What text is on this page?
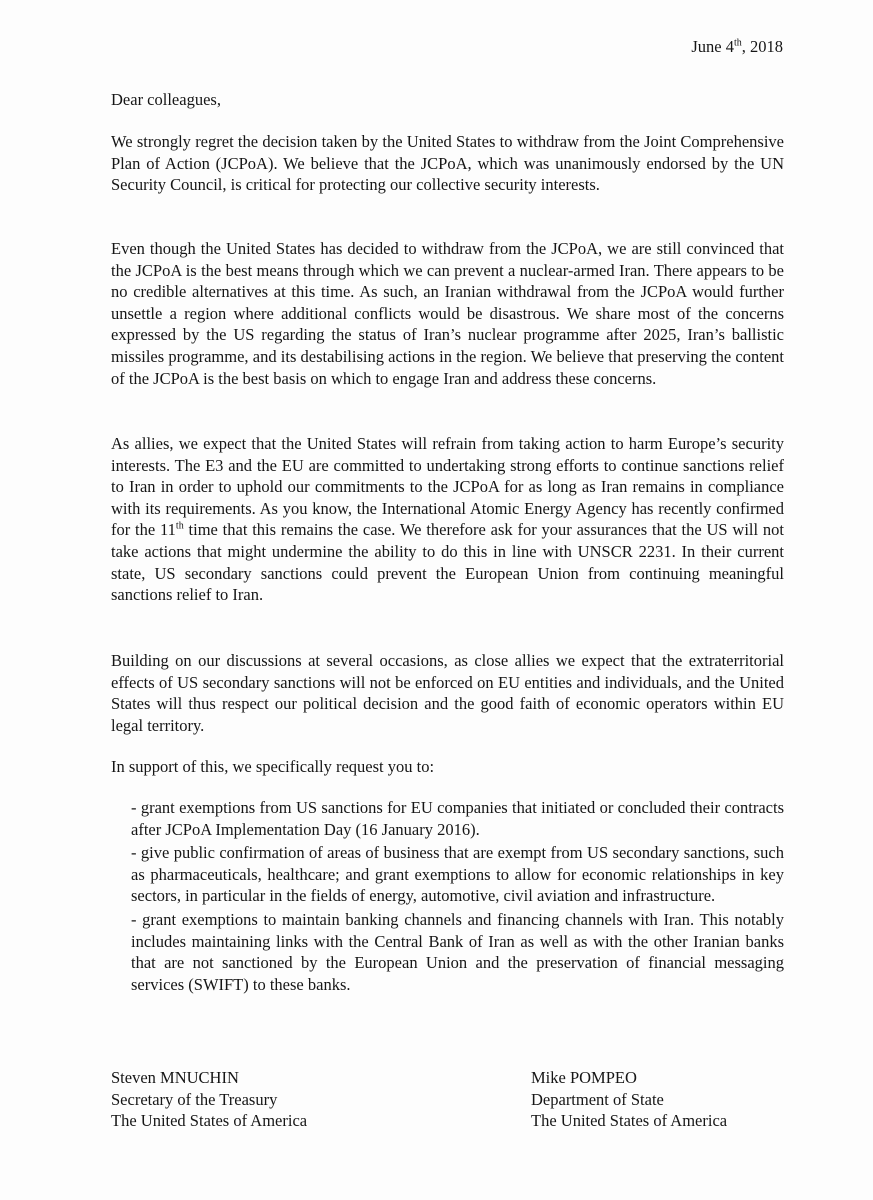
June 4th, 2018
Dear colleagues,

We strongly regret the decision taken by the United States to withdraw from the Joint Comprehensive Plan of Action (JCPoA). We believe that the JCPoA, which was unanimously endorsed by the UN Security Council, is critical for protecting our collective security interests.

Even though the United States has decided to withdraw from the JCPoA, we are still convinced that the JCPoA is the best means through which we can prevent a nuclear-armed Iran. There appears to be no credible alternatives at this time. As such, an Iranian withdrawal from the JCPoA would further unsettle a region where additional conflicts would be disastrous. We share most of the concerns expressed by the US regarding the status of Iran’s nuclear programme after 2025, Iran’s ballistic missiles programme, and its destabilising actions in the region. We believe that preserving the content of the JCPoA is the best basis on which to engage Iran and address these concerns.

As allies, we expect that the United States will refrain from taking action to harm Europe’s security interests. The E3 and the EU are committed to undertaking strong efforts to continue sanctions relief to Iran in order to uphold our commitments to the JCPoA for as long as Iran remains in compliance with its requirements. As you know, the International Atomic Energy Agency has recently confirmed for the 11th time that this remains the case. We therefore ask for your assurances that the US will not take actions that might undermine the ability to do this in line with UNSCR 2231. In their current state, US secondary sanctions could prevent the European Union from continuing meaningful sanctions relief to Iran.

Building on our discussions at several occasions, as close allies we expect that the extraterritorial effects of US secondary sanctions will not be enforced on EU entities and individuals, and the United States will thus respect our political decision and the good faith of economic operators within EU legal territory.

In support of this, we specifically request you to:

- grant exemptions from US sanctions for EU companies that initiated or concluded their contracts after JCPoA Implementation Day (16 January 2016).
- give public confirmation of areas of business that are exempt from US secondary sanctions, such as pharmaceuticals, healthcare; and grant exemptions to allow for economic relationships in key sectors, in particular in the fields of energy, automotive, civil aviation and infrastructure.
- grant exemptions to maintain banking channels and financing channels with Iran. This notably includes maintaining links with the Central Bank of Iran as well as with the other Iranian banks that are not sanctioned by the European Union and the preservation of financial messaging services (SWIFT) to these banks.
Steven MNUCHIN
Secretary of the Treasury
The United States of America
Mike POMPEO
Department of State
The United States of America
